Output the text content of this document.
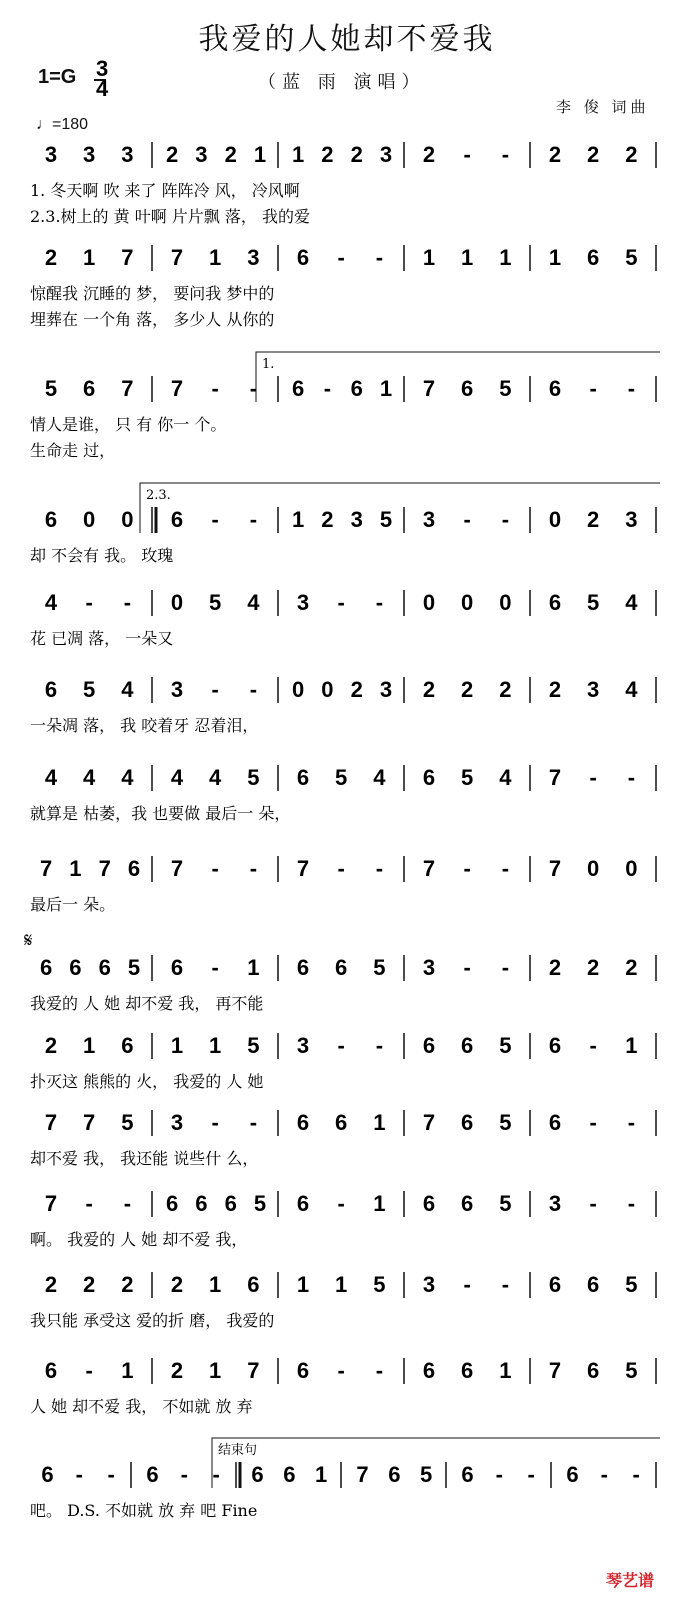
我爱的人她却不爱我
1=G
♩=180
（蓝 雨 演唱）
李 俊 词曲
3
4
3 3 3 2 3 2 1 1 2 2 3 2 - - 2 2 2
1. 冬天啊 吹 来了 阵阵冷 风， 冷风啊
2.3.树上的 黄 叶啊 片片飘 落， 我的爱
2 1 7 7 1 3 6 - - 1 1 1 1 6 5
惊醒我 沉睡的 梦， 要问我 梦中的
埋葬在 一个角 落， 多少人 从你的
5 6 7 7 - - 6 - 6 1 7 6 5 6 - -
1.
情人是谁， 只 有 你一 个。
生命走 过，
6 0 0 6 - - 1 2 3 5 3 - - 0 2 3
2.3.
却 不会有 我。 玫瑰
4 - - 0 5 4 3 - - 0 0 0 6 5 4
花 已凋 落， 一朵又
6 5 4 3 - - 0 0 2 3 2 2 2 2 3 4
一朵凋 落， 我 咬着牙 忍着泪，
4 4 4 4 4 5 6 5 4 6 5 4 7 - -
就算是 枯萎，我 也要做 最后一 朵，
7 1 7 6 7 - - 7 - - 7 - - 7 0 0
最后一 朵。
6 6 6 5 6 - 1 6 6 5 3 - - 2 2 2
𝄋
我爱的 人 她 却不爱 我， 再不能
2 1 6 1 1 5 3 - - 6 6 5 6 - 1
扑灭这 熊熊的 火， 我爱的 人 她
7 7 5 3 - - 6 6 1 7 6 5 6 - -
却不爱 我， 我还能 说些什 么，
7 - - 6 6 6 5 6 - 1 6 6 5 3 - -
啊。 我爱的 人 她 却不爱 我，
2 2 2 2 1 6 1 1 5 3 - - 6 6 5
我只能 承受这 爱的折 磨， 我爱的
6 - 1 2 1 7 6 - - 6 6 1 7 6 5
人 她 却不爱 我， 不如就 放 弃
6 - - 6 - - 6 6 1 7 6 5 6 - - 6 - -
结束句
吧。 D.S. 不如就 放 弃 吧 Fine
琴艺谱
